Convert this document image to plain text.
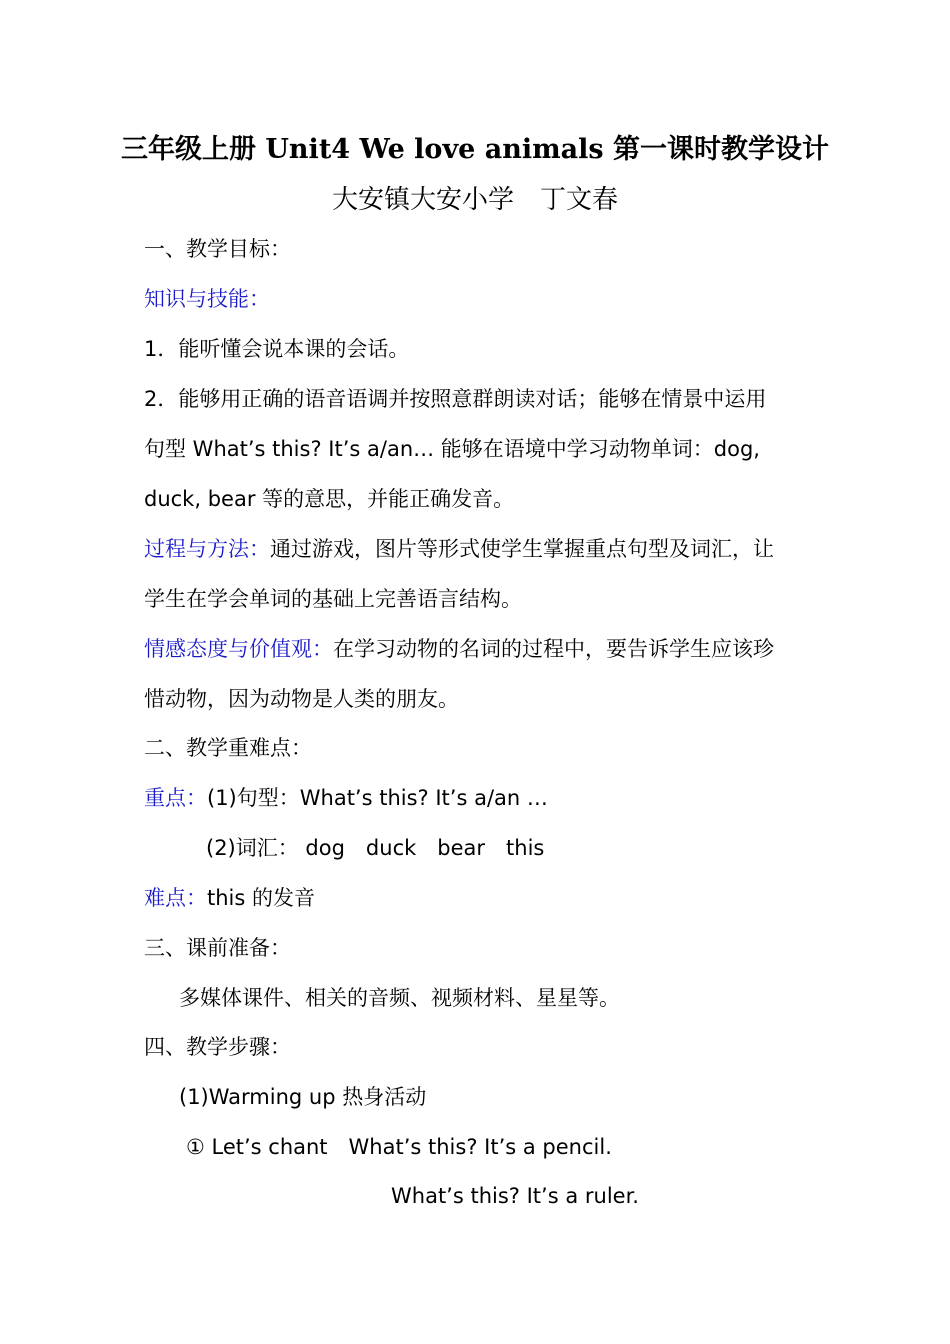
三年级上册 Unit4 We love animals 第一课时教学设计
大安镇大安小学　丁文春
一、教学目标：
知识与技能：
1．能听懂会说本课的会话。
2．能够用正确的语音语调并按照意群朗读对话；能够在情景中运用
句型 What’s this? It’s a/an… 能够在语境中学习动物单词：dog,
duck, bear 等的意思，并能正确发音。
过程与方法：通过游戏，图片等形式使学生掌握重点句型及词汇，让
学生在学会单词的基础上完善语言结构。
情感态度与价值观：在学习动物的名词的过程中，要告诉学生应该珍
惜动物，因为动物是人类的朋友。
二、教学重难点：
重点：(1)句型：What’s this? It’s a/an …
(2)词汇： dog　duck　bear　this
难点：this 的发音
三、课前准备：
多媒体课件、相关的音频、视频材料、星星等。
四、教学步骤：
(1)Warming up 热身活动
① Let’s chant　What’s this? It’s a pencil.
What’s this? It’s a ruler.
